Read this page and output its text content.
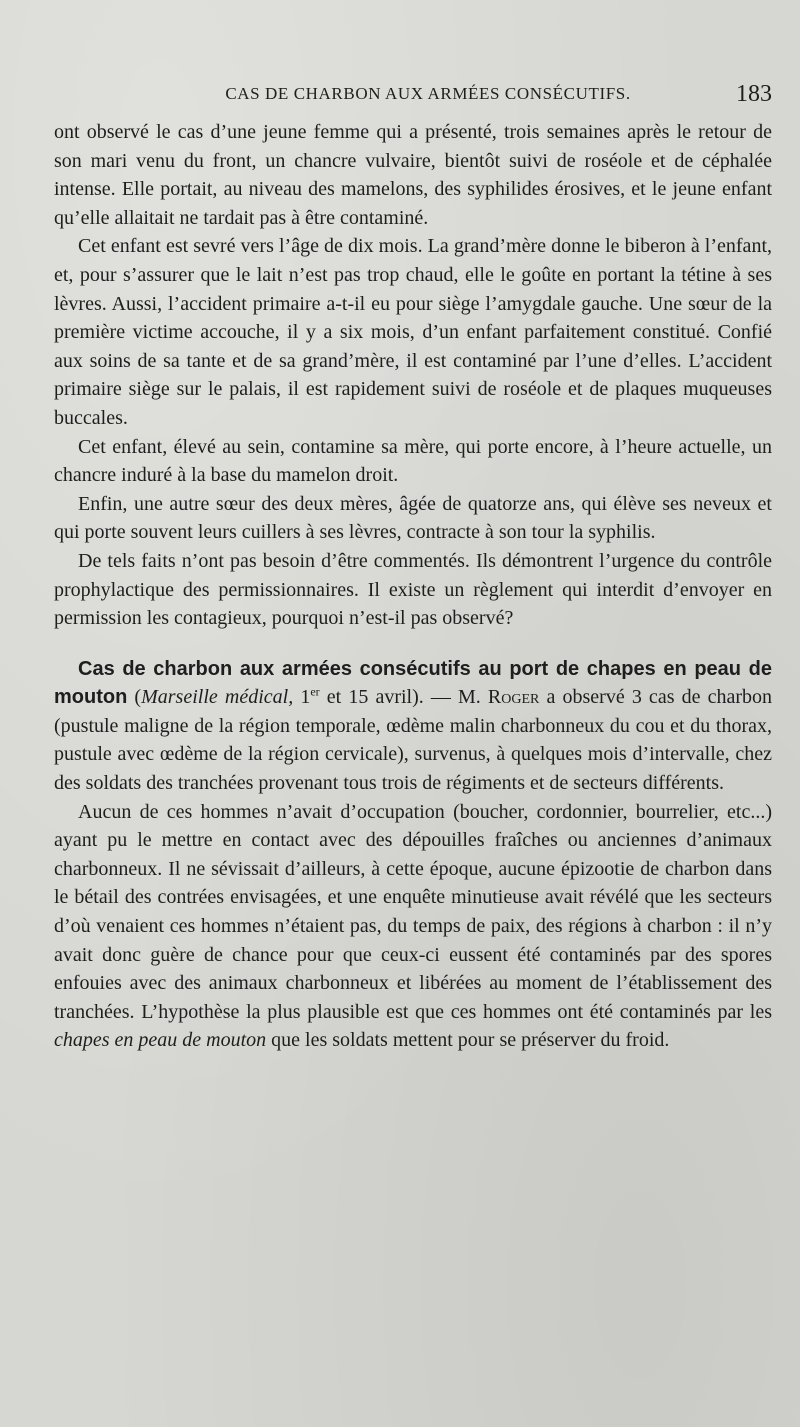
CAS DE CHARBON AUX ARMÉES CONSÉCUTIFS.	183

ont observé le cas d’une jeune femme qui a présenté, trois semaines après le retour de son mari venu du front, un chancre vulvaire, bientôt suivi de roséole et de céphalée intense. Elle portait, au niveau des mamelons, des syphilides érosives, et le jeune enfant qu’elle allaitait ne tardait pas à être contaminé.

Cet enfant est sevré vers l’âge de dix mois. La grand’mère donne le biberon à l’enfant, et, pour s’assurer que le lait n’est pas trop chaud, elle le goûte en portant la tétine à ses lèvres. Aussi, l’accident primaire a-t-il eu pour siège l’amygdale gauche. Une sœur de la première victime accouche, il y a six mois, d’un enfant parfaitement constitué. Confié aux soins de sa tante et de sa grand’mère, il est contaminé par l’une d’elles. L’accident primaire siège sur le palais, il est rapidement suivi de roséole et de plaques muqueuses buccales.

Cet enfant, élevé au sein, contamine sa mère, qui porte encore, à l’heure actuelle, un chancre induré à la base du mamelon droit.

Enfin, une autre sœur des deux mères, âgée de quatorze ans, qui élève ses neveux et qui porte souvent leurs cuillers à ses lèvres, contracte à son tour la syphilis.

De tels faits n’ont pas besoin d’être commentés. Ils démontrent l’urgence du contrôle prophylactique des permissionnaires. Il existe un règlement qui interdit d’envoyer en permission les contagieux, pourquoi n’est-il pas observé?

Cas de charbon aux armées consécutifs au port de chapes en peau de mouton (Marseille médical, 1er et 15 avril). — M. Roger a observé 3 cas de charbon (pustule maligne de la région temporale, œdème malin charbonneux du cou et du thorax, pustule avec œdème de la région cervicale), survenus, à quelques mois d’intervalle, chez des soldats des tranchées provenant tous trois de régiments et de secteurs différents.

Aucun de ces hommes n’avait d’occupation (boucher, cordonnier, bourrelier, etc...) ayant pu le mettre en contact avec des dépouilles fraîches ou anciennes d’animaux charbonneux. Il ne sévissait d’ailleurs, à cette époque, aucune épizootie de charbon dans le bétail des contrées envisagées, et une enquête minutieuse avait révélé que les secteurs d’où venaient ces hommes n’étaient pas, du temps de paix, des régions à charbon : il n’y avait donc guère de chance pour que ceux-ci eussent été contaminés par des spores enfouies avec des animaux charbonneux et libérées au moment de l’établissement des tranchées. L’hypothèse la plus plausible est que ces hommes ont été contaminés par les chapes en peau de mouton que les soldats mettent pour se préserver du froid.
